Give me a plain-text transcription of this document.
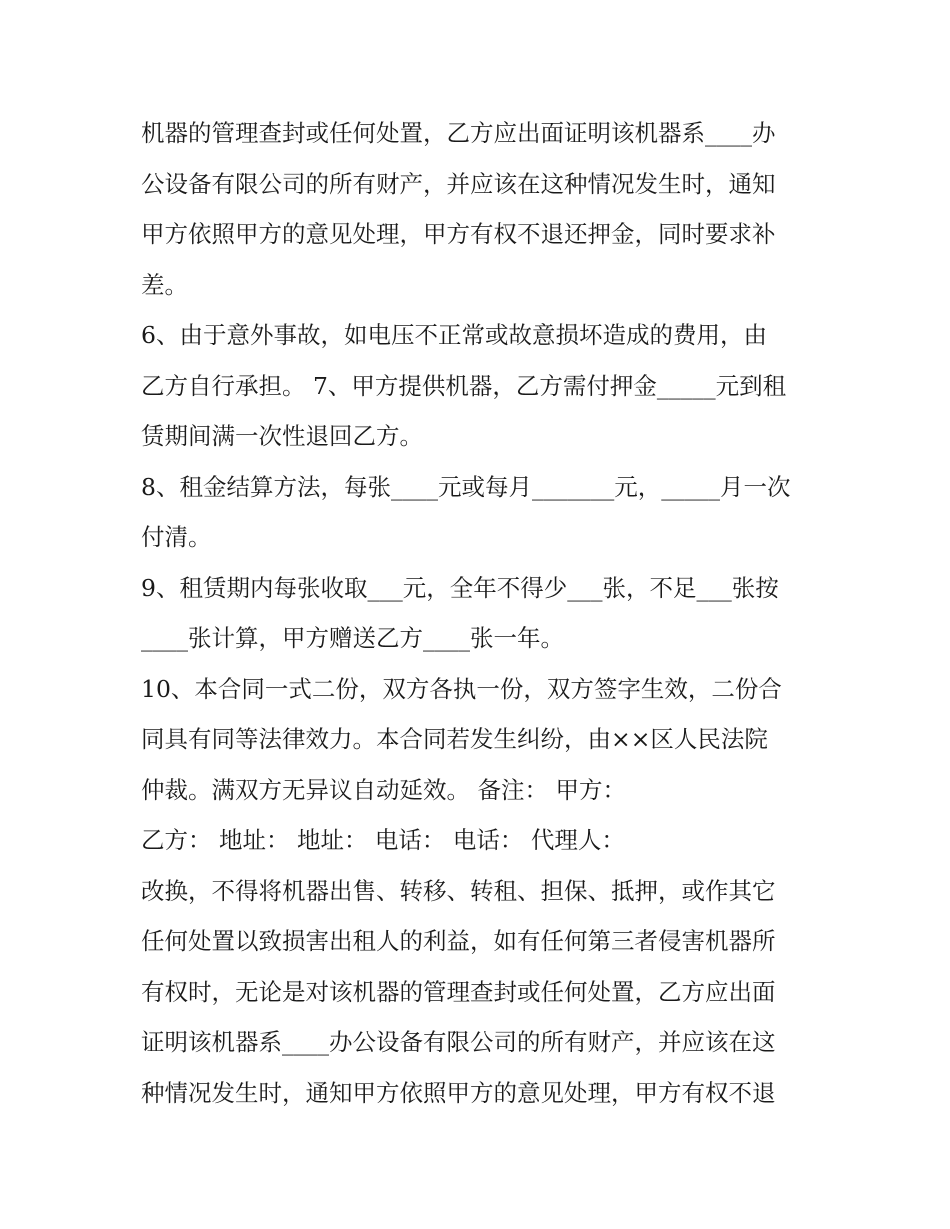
机器的管理查封或任何处置，乙方应出面证明该机器系____办
公设备有限公司的所有财产，并应该在这种情况发生时，通知
甲方依照甲方的意见处理，甲方有权不退还押金，同时要求补
差。
6、由于意外事故，如电压不正常或故意损坏造成的费用，由
乙方自行承担。 7、甲方提供机器，乙方需付押金_____元到租
赁期间满一次性退回乙方。
8、租金结算方法，每张____元或每月_______元，_____月一次
付清。
9、租赁期内每张收取___元，全年不得少___张，不足___张按
____张计算，甲方赠送乙方____张一年。
10、本合同一式二份，双方各执一份，双方签字生效，二份合
同具有同等法律效力。本合同若发生纠纷，由××区人民法院
仲裁。满双方无异议自动延效。 备注： 甲方：
乙方： 地址： 地址： 电话： 电话： 代理人：
改换，不得将机器出售、转移、转租、担保、抵押，或作其它
任何处置以致损害出租人的利益，如有任何第三者侵害机器所
有权时，无论是对该机器的管理查封或任何处置，乙方应出面
证明该机器系____办公设备有限公司的所有财产，并应该在这
种情况发生时，通知甲方依照甲方的意见处理，甲方有权不退
